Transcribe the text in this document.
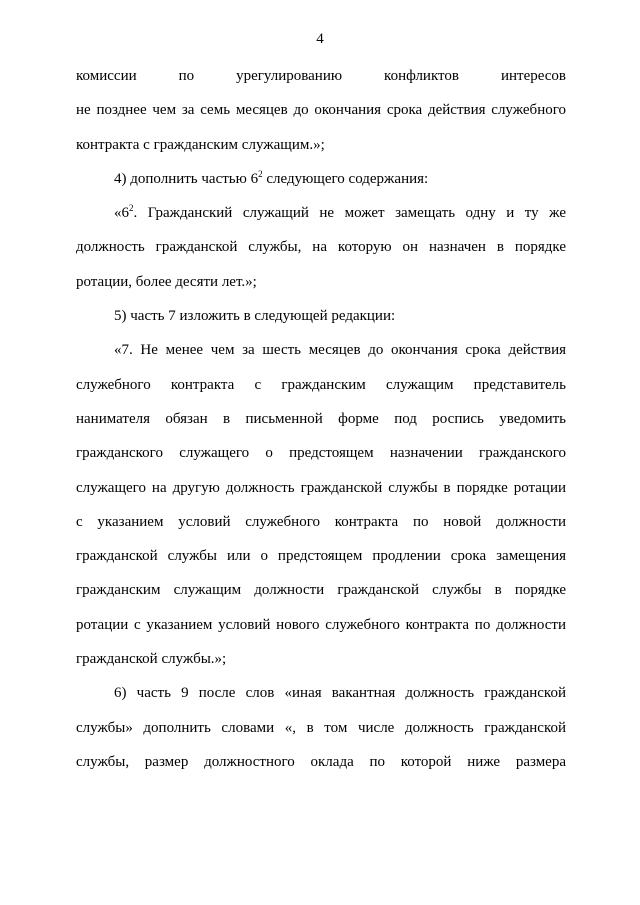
4
комиссии по урегулированию конфликтов интересов
не позднее чем за семь месяцев до окончания срока действия служебного
контракта с гражданским служащим.»;
4) дополнить частью $6^2$ следующего содержания:
«$6^2$. Гражданский служащий не может замещать одну и ту же
должность гражданской службы, на которую он назначен в порядке
ротации, более десяти лет.»;
5) часть 7 изложить в следующей редакции:
«7. Не менее чем за шесть месяцев до окончания срока действия
служебного контракта с гражданским служащим представитель
нанимателя обязан в письменной форме под роспись уведомить
гражданского служащего о предстоящем назначении гражданского
служащего на другую должность гражданской службы в порядке ротации
с указанием условий служебного контракта по новой должности
гражданской службы или о предстоящем продлении срока замещения
гражданским служащим должности гражданской службы в порядке
ротации с указанием условий нового служебного контракта по должности
гражданской службы.»;
6) часть 9 после слов «иная вакантная должность гражданской
службы» дополнить словами «, в том числе должность гражданской
службы, размер должностного оклада по которой ниже размера
